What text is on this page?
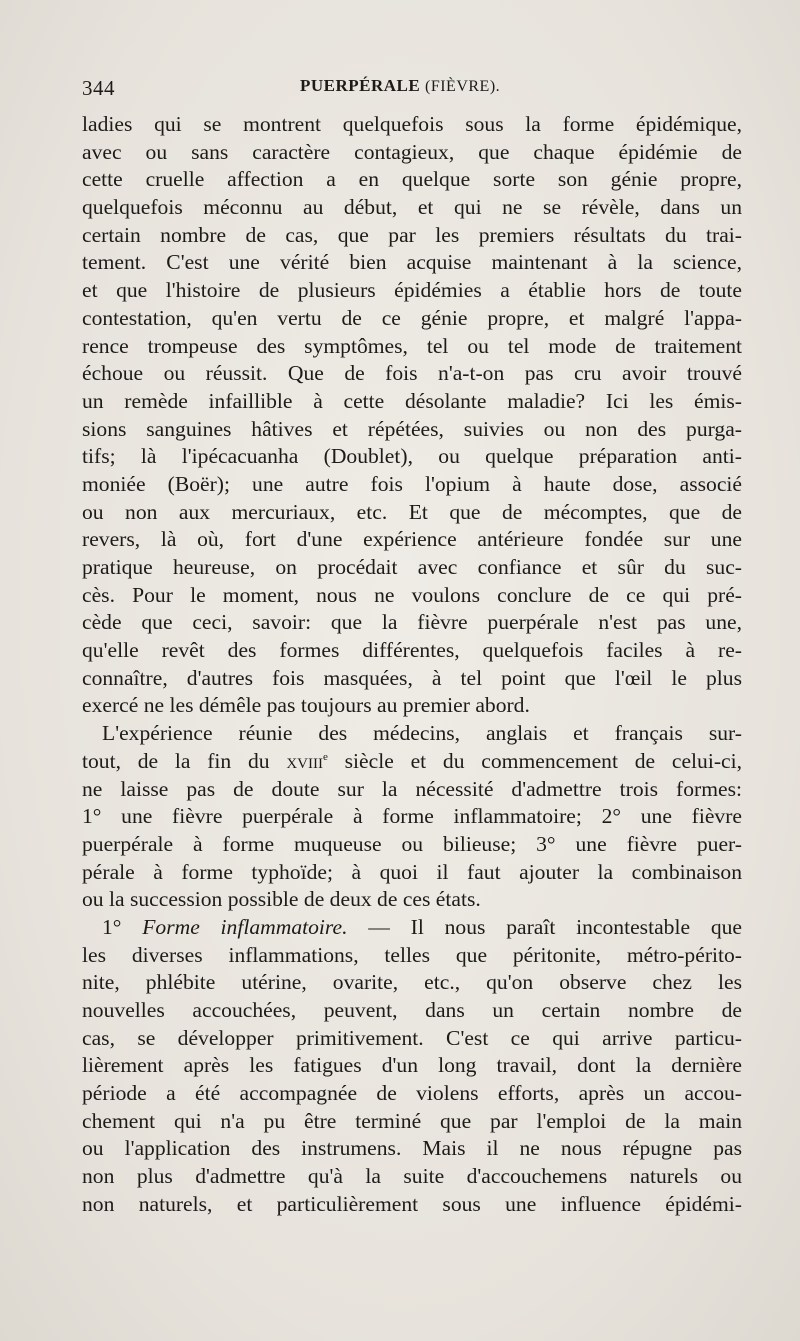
344	PUERPÉRALE (FIÈVRE).
ladies qui se montrent quelquefois sous la forme épidémique,
avec ou sans caractère contagieux, que chaque épidémie de
cette cruelle affection a en quelque sorte son génie propre,
quelquefois méconnu au début, et qui ne se révèle, dans un
certain nombre de cas, que par les premiers résultats du trai-
tement. C'est une vérité bien acquise maintenant à la science,
et que l'histoire de plusieurs épidémies a établie hors de toute
contestation, qu'en vertu de ce génie propre, et malgré l'appa-
rence trompeuse des symptômes, tel ou tel mode de traitement
échoue ou réussit. Que de fois n'a-t-on pas cru avoir trouvé
un remède infaillible à cette désolante maladie? Ici les émis-
sions sanguines hâtives et répétées, suivies ou non des purga-
tifs; là l'ipécacuanha (Doublet), ou quelque préparation anti-
moniée (Boër); une autre fois l'opium à haute dose, associé
ou non aux mercuriaux, etc. Et que de mécomptes, que de
revers, là où, fort d'une expérience antérieure fondée sur une
pratique heureuse, on procédait avec confiance et sûr du suc-
cès. Pour le moment, nous ne voulons conclure de ce qui pré-
cède que ceci, savoir: que la fièvre puerpérale n'est pas une,
qu'elle revêt des formes différentes, quelquefois faciles à re-
connaître, d'autres fois masquées, à tel point que l'œil le plus
exercé ne les démêle pas toujours au premier abord.
L'expérience réunie des médecins, anglais et français sur-
tout, de la fin du xviii$^e$ siècle et du commencement de celui-ci,
ne laisse pas de doute sur la nécessité d'admettre trois formes:
1° une fièvre puerpérale à forme inflammatoire; 2° une fièvre
puerpérale à forme muqueuse ou bilieuse; 3° une fièvre puer-
pérale à forme typhoïde; à quoi il faut ajouter la combinaison
ou la succession possible de deux de ces états.
1° Forme inflammatoire. — Il nous paraît incontestable que
les diverses inflammations, telles que péritonite, métro-périto-
nite, phlébite utérine, ovarite, etc., qu'on observe chez les
nouvelles accouchées, peuvent, dans un certain nombre de
cas, se développer primitivement. C'est ce qui arrive particu-
lièrement après les fatigues d'un long travail, dont la dernière
période a été accompagnée de violens efforts, après un accou-
chement qui n'a pu être terminé que par l'emploi de la main
ou l'application des instrumens. Mais il ne nous répugne pas
non plus d'admettre qu'à la suite d'accouchemens naturels ou
non naturels, et particulièrement sous une influence épidémi-
